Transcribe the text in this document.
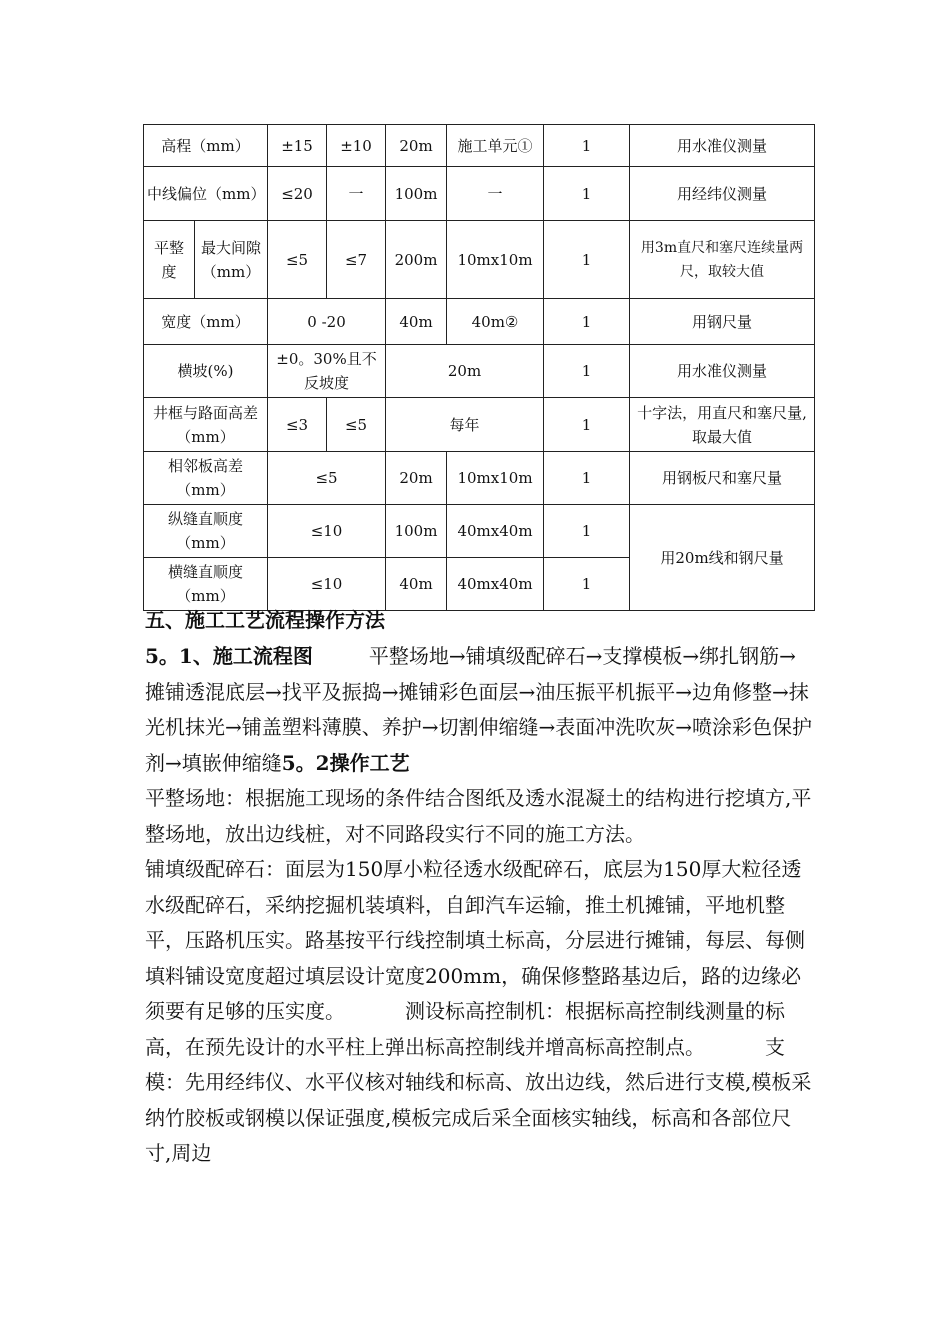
高程（mm）		±15	±10	20m	施工单元①	1	用水准仪测量
中线偏位（mm）		≤20	一	100m	一	1	用经纬仪测量
平整度	最大间隙（mm）	≤5	≤7	200m	10mx10m	1	用3m直尺和塞尺连续量两尺，取较大值
宽度（mm）		0 -20		40m	40m②	1	用钢尺量
横坡(%)		±0。30%且不反坡度		20m		1	用水准仪测量
井框与路面高差（mm）		≤3	≤5	每年		1	十字法，用直尺和塞尺量,取最大值
相邻板高差（mm）		≤5		20m	10mx10m	1	用钢板尺和塞尺量
纵缝直顺度（mm）		≤10		100m	40mx40m	1	用20m线和钢尺量
横缝直顺度（mm）		≤10		40m	40mx40m	1	
五、施工工艺流程操作方法
5。1、施工流程图	平整场地→铺填级配碎石→支撑模板→绑扎钢筋→摊铺透混底层→找平及振捣→摊铺彩色面层→油压振平机振平→边角修整→抹光机抹光→铺盖塑料薄膜、养护→切割伸缩缝→表面冲洗吹灰→喷涂彩色保护剂→填嵌伸缩缝5。2操作工艺
平整场地：根据施工现场的条件结合图纸及透水混凝土的结构进行挖填方,平整场地，放出边线桩，对不同路段实行不同的施工方法。
铺填级配碎石：面层为150厚小粒径透水级配碎石，底层为150厚大粒径透水级配碎石，采纳挖掘机装填料，自卸汽车运输，推土机摊铺，平地机整平，压路机压实。路基按平行线控制填土标高，分层进行摊铺，每层、每侧填料铺设宽度超过填层设计宽度200mm，确保修整路基边后，路的边缘必须要有足够的压实度。	测设标高控制机：根据标高控制线测量的标高，在预先设计的水平柱上弹出标高控制线并增高标高控制点。	支模：先用经纬仪、水平仪核对轴线和标高、放出边线，然后进行支模,模板采纳竹胶板或钢模以保证强度,模板完成后采全面核实轴线，标高和各部位尺寸,周边
